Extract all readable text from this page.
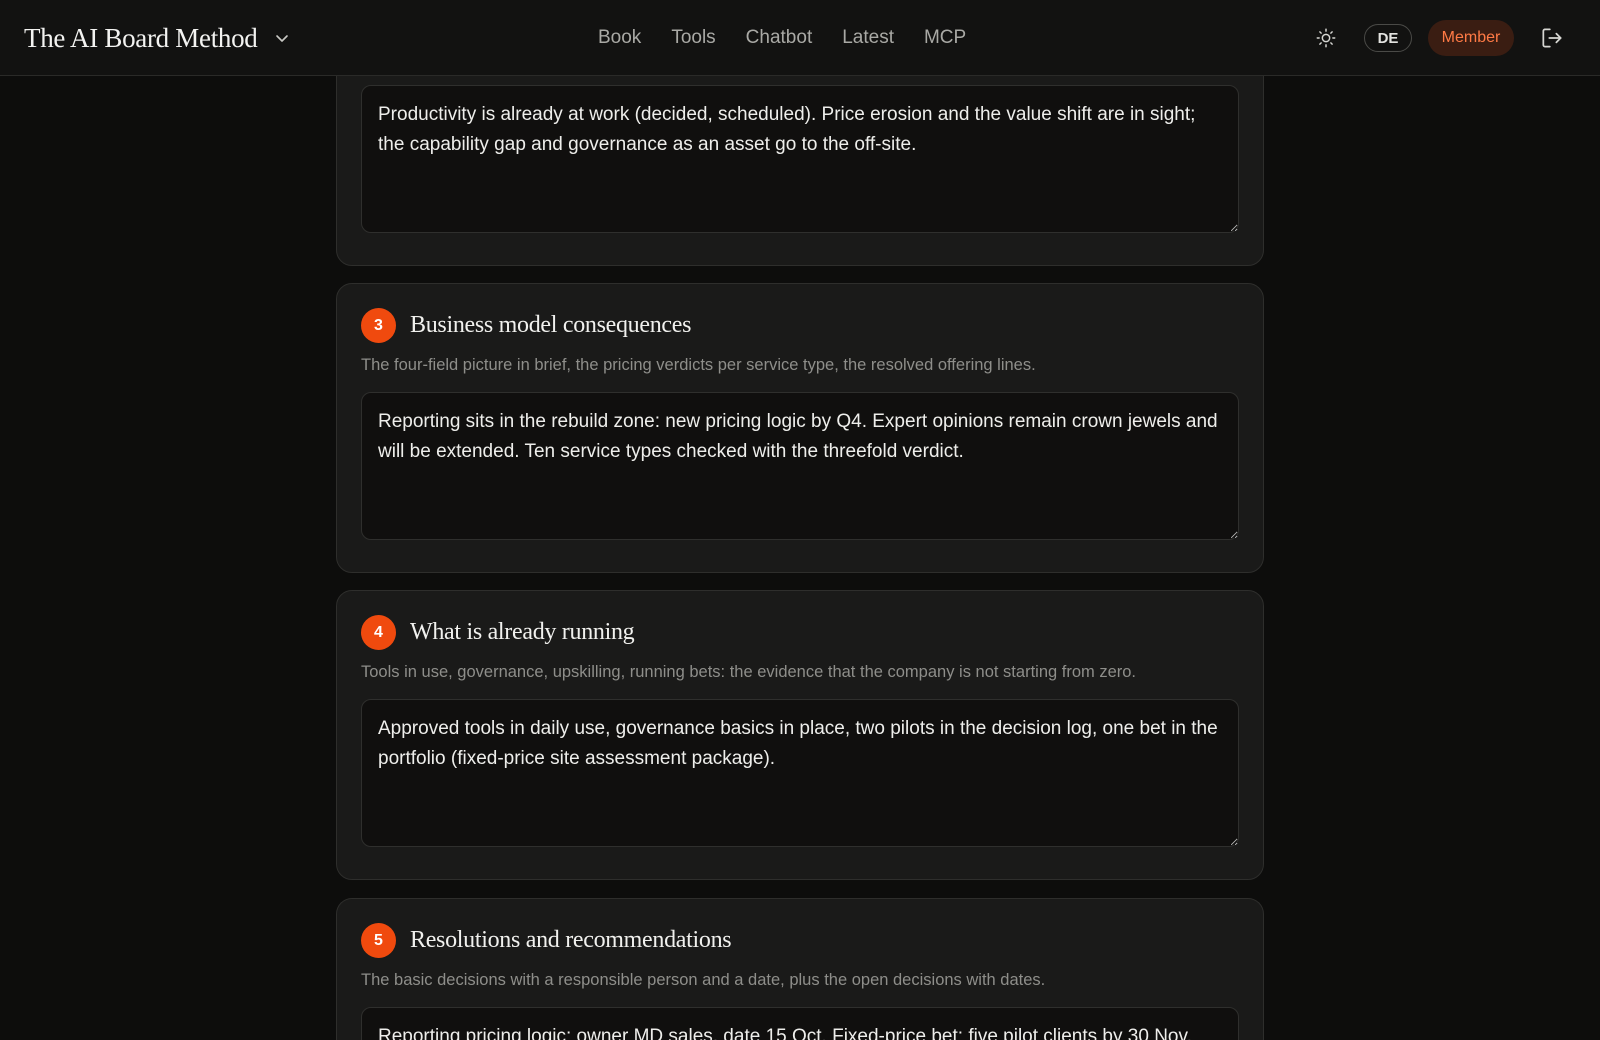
The AI Board Method	Book Tools Chatbot Latest MCP	DE	Member
Productivity is already at work (decided, scheduled). Price erosion and the value shift are in sight; the capability gap and governance as an asset go to the off-site.
3	Business model consequences
The four-field picture in brief, the pricing verdicts per service type, the resolved offering lines.
Reporting sits in the rebuild zone: new pricing logic by Q4. Expert opinions remain crown jewels and will be extended. Ten service types checked with the threefold verdict.
4	What is already running
Tools in use, governance, upskilling, running bets: the evidence that the company is not starting from zero.
Approved tools in daily use, governance basics in place, two pilots in the decision log, one bet in the portfolio (fixed-price site assessment package).
5	Resolutions and recommendations
The basic decisions with a responsible person and a date, plus the open decisions with dates.
Reporting pricing logic: owner MD sales, date 15 Oct. Fixed-price bet: five pilot clients by 30 Nov.
